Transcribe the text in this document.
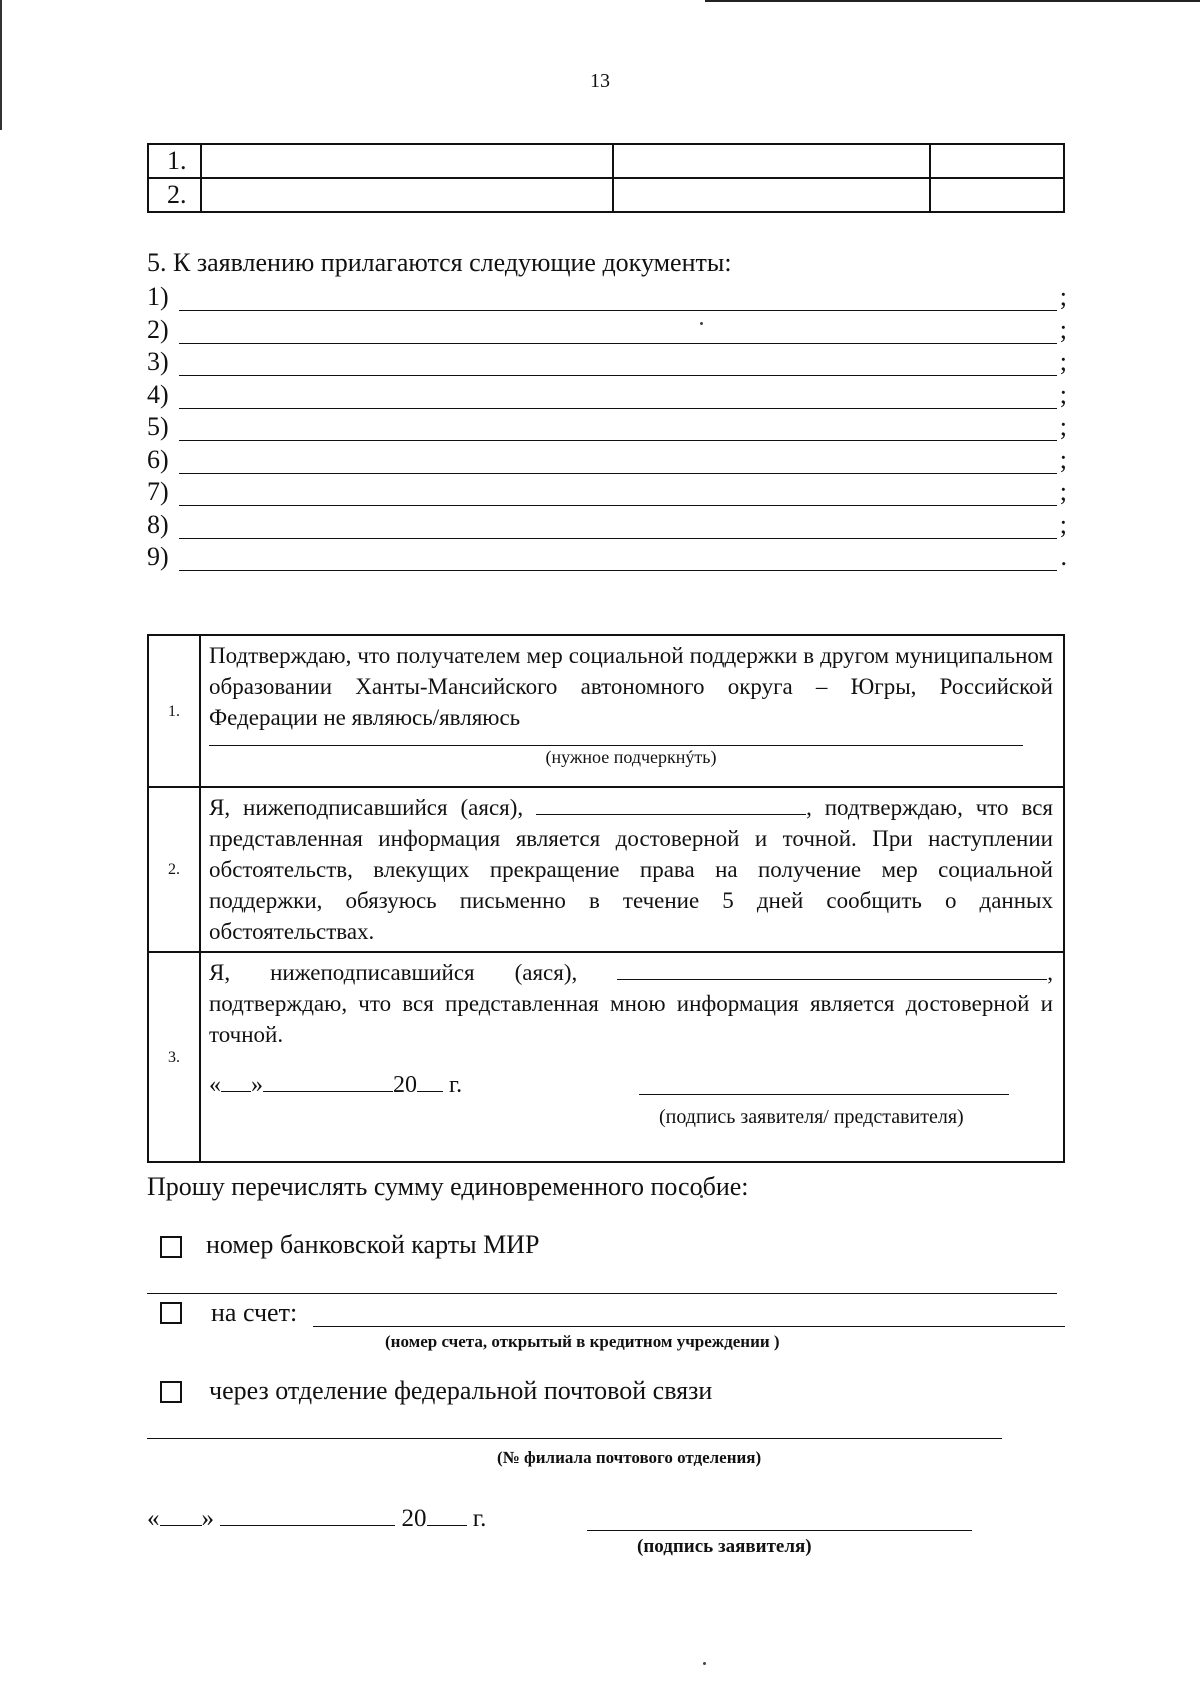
13
1.			
2.			
5. К заявлению прилагаются следующие документы:
1)	;
2)	;
3)	;
4)	;
5)	;
6)	;
7)	;
8)	;
9)	.
1.	Подтверждаю, что получателем мер социальной поддержки в другом муниципальном образовании Ханты-Мансийского автономного округа – Югры, Российской Федерации не являюсь/являюсь
(нужное подчеркнýть)

2.	Я, нижеподписавшийся (аяся), , подтверждаю, что вся представленная информация является достоверной и точной. При наступлении обстоятельств, влекущих прекращение права на получение мер социальной поддержки, обязуюсь письменно в течение 5 дней сообщить о данных обстоятельствах.
3.	Я, нижеподписавшийся (аяся), , подтверждаю, что вся представленная мною информация является достоверной и точной.
« » 20 г.
(подпись заявителя/ представителя)
Прошу перечислять сумму единовременного пособие:
номер банковской карты МИР
на счет:
(номер счета, открытый в кредитном учреждении )
через отделение федеральной почтовой связи
(№ филиала почтового отделения)
« »	20 г.
(подпись заявителя)
